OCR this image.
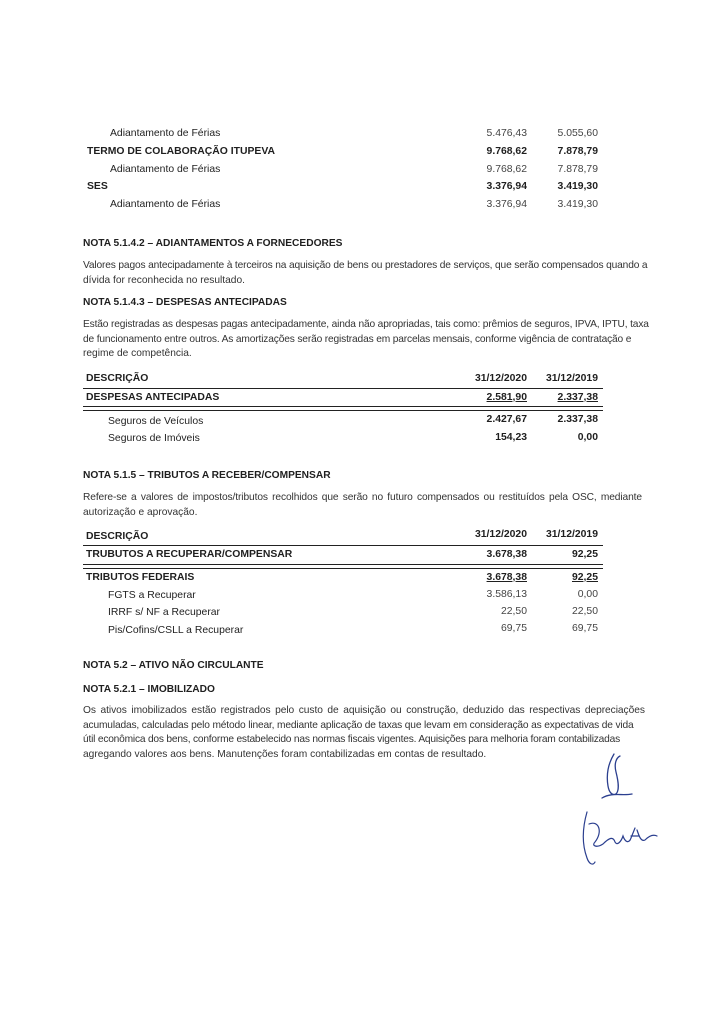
Adiantamento de Férias	5.476,43	5.055,60
TERMO DE COLABORAÇÃO ITUPEVA	9.768,62	7.878,79
Adiantamento de Férias	9.768,62	7.878,79
SES	3.376,94	3.419,30
Adiantamento de Férias	3.376,94	3.419,30
NOTA 5.1.4.2 – ADIANTAMENTOS A FORNECEDORES
Valores pagos antecipadamente à terceiros na aquisição de bens ou prestadores de serviços, que serão compensados quando a
dívida for reconhecida no resultado.
NOTA 5.1.4.3 – DESPESAS ANTECIPADAS
Estão registradas as despesas pagas antecipadamente, ainda não apropriadas, tais como: prêmios de seguros, IPVA, IPTU, taxa
de funcionamento entre outros. As amortizações serão registradas em parcelas mensais, conforme vigência de contratação e
regime de competência.
DESCRIÇÃO	31/12/2020	31/12/2019
DESPESAS ANTECIPADAS	2.581,90	2.337,38
Seguros de Veículos	2.427,67	2.337,38
Seguros de Imóveis	154,23	0,00
NOTA 5.1.5 – TRIBUTOS A RECEBER/COMPENSAR
Refere-se a valores de impostos/tributos recolhidos que serão no futuro compensados ou restituídos pela OSC, mediante
autorização e aprovação.
DESCRIÇÃO	31/12/2020	31/12/2019
TRUBUTOS A RECUPERAR/COMPENSAR	3.678,38	92,25
TRIBUTOS FEDERAIS	3.678,38	92,25
FGTS a Recuperar	3.586,13	0,00
IRRF s/ NF a Recuperar	22,50	22,50
Pis/Cofins/CSLL a Recuperar	69,75	69,75
NOTA 5.2 – ATIVO NÃO CIRCULANTE
NOTA 5.2.1 – IMOBILIZADO
Os ativos imobilizados estão registrados pelo custo de aquisição ou construção, deduzido das respectivas depreciações
acumuladas, calculadas pelo método linear, mediante aplicação de taxas que levam em consideração as expectativas de vida
útil econômica dos bens, conforme estabelecido nas normas fiscais vigentes. Aquisições para melhoria foram contabilizadas
agregando valores aos bens. Manutenções foram contabilizadas em contas de resultado.
